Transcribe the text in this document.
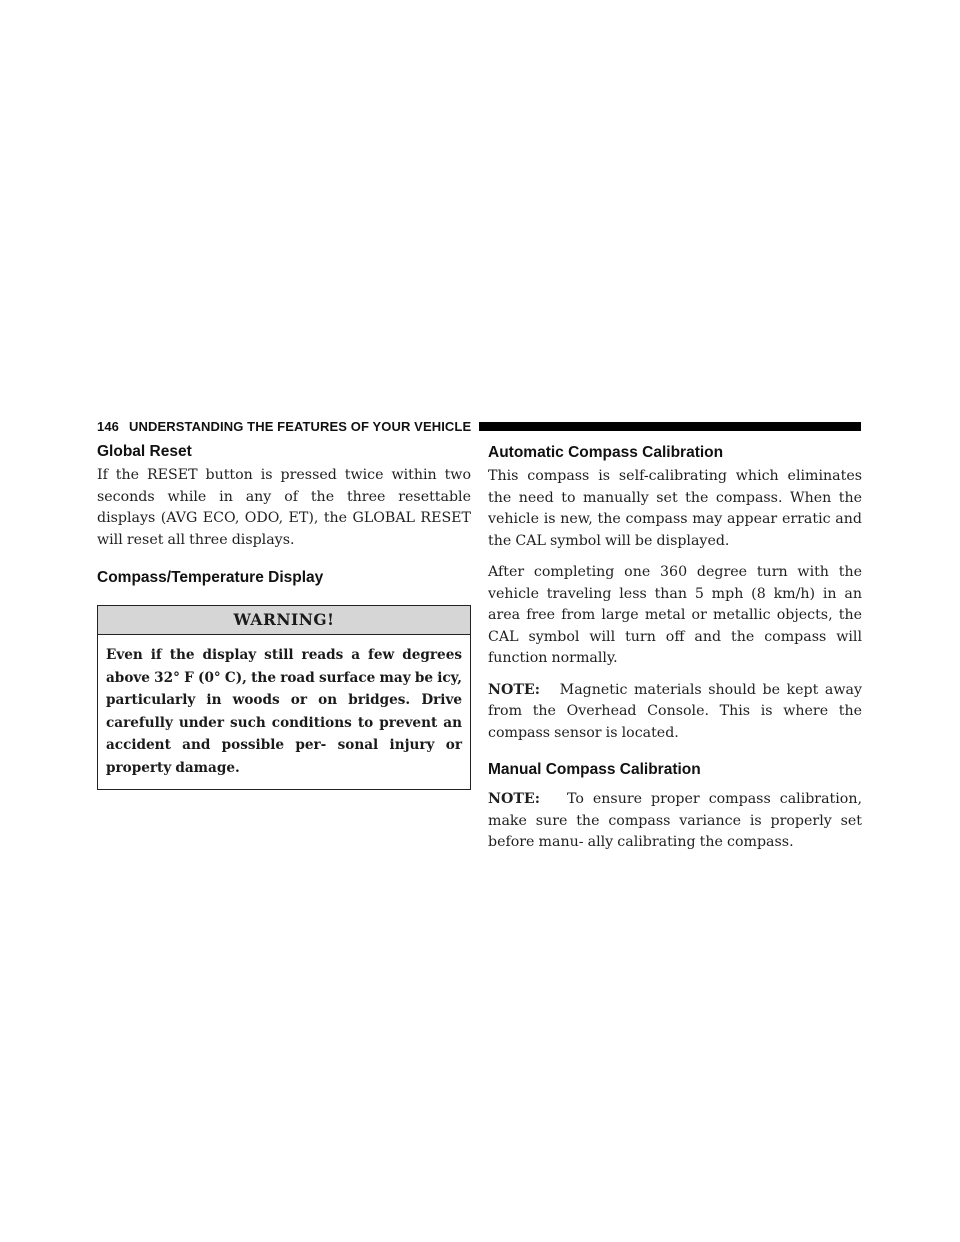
146 UNDERSTANDING THE FEATURES OF YOUR VEHICLE
Global Reset

If the RESET button is pressed twice within two seconds while in any of the three resettable displays (AVG ECO, ODO, ET), the GLOBAL RESET will reset all three displays.

Compass/Temperature Display
WARNING!
Even if the display still reads a few degrees above 32° F (0° C), the road surface may be icy, particularly in woods or on bridges. Drive carefully under such conditions to prevent an accident and possible per- sonal injury or property damage.
Automatic Compass Calibration

This compass is self-calibrating which eliminates the need to manually set the compass. When the vehicle is new, the compass may appear erratic and the CAL symbol will be displayed.

After completing one 360 degree turn with the vehicle traveling less than 5 mph (8 km/h) in an area free from large metal or metallic objects, the CAL symbol will turn off and the compass will function normally.

NOTE: Magnetic materials should be kept away from the Overhead Console. This is where the compass sensor is located.

Manual Compass Calibration

NOTE: To ensure proper compass calibration, make sure the compass variance is properly set before manu- ally calibrating the compass.
